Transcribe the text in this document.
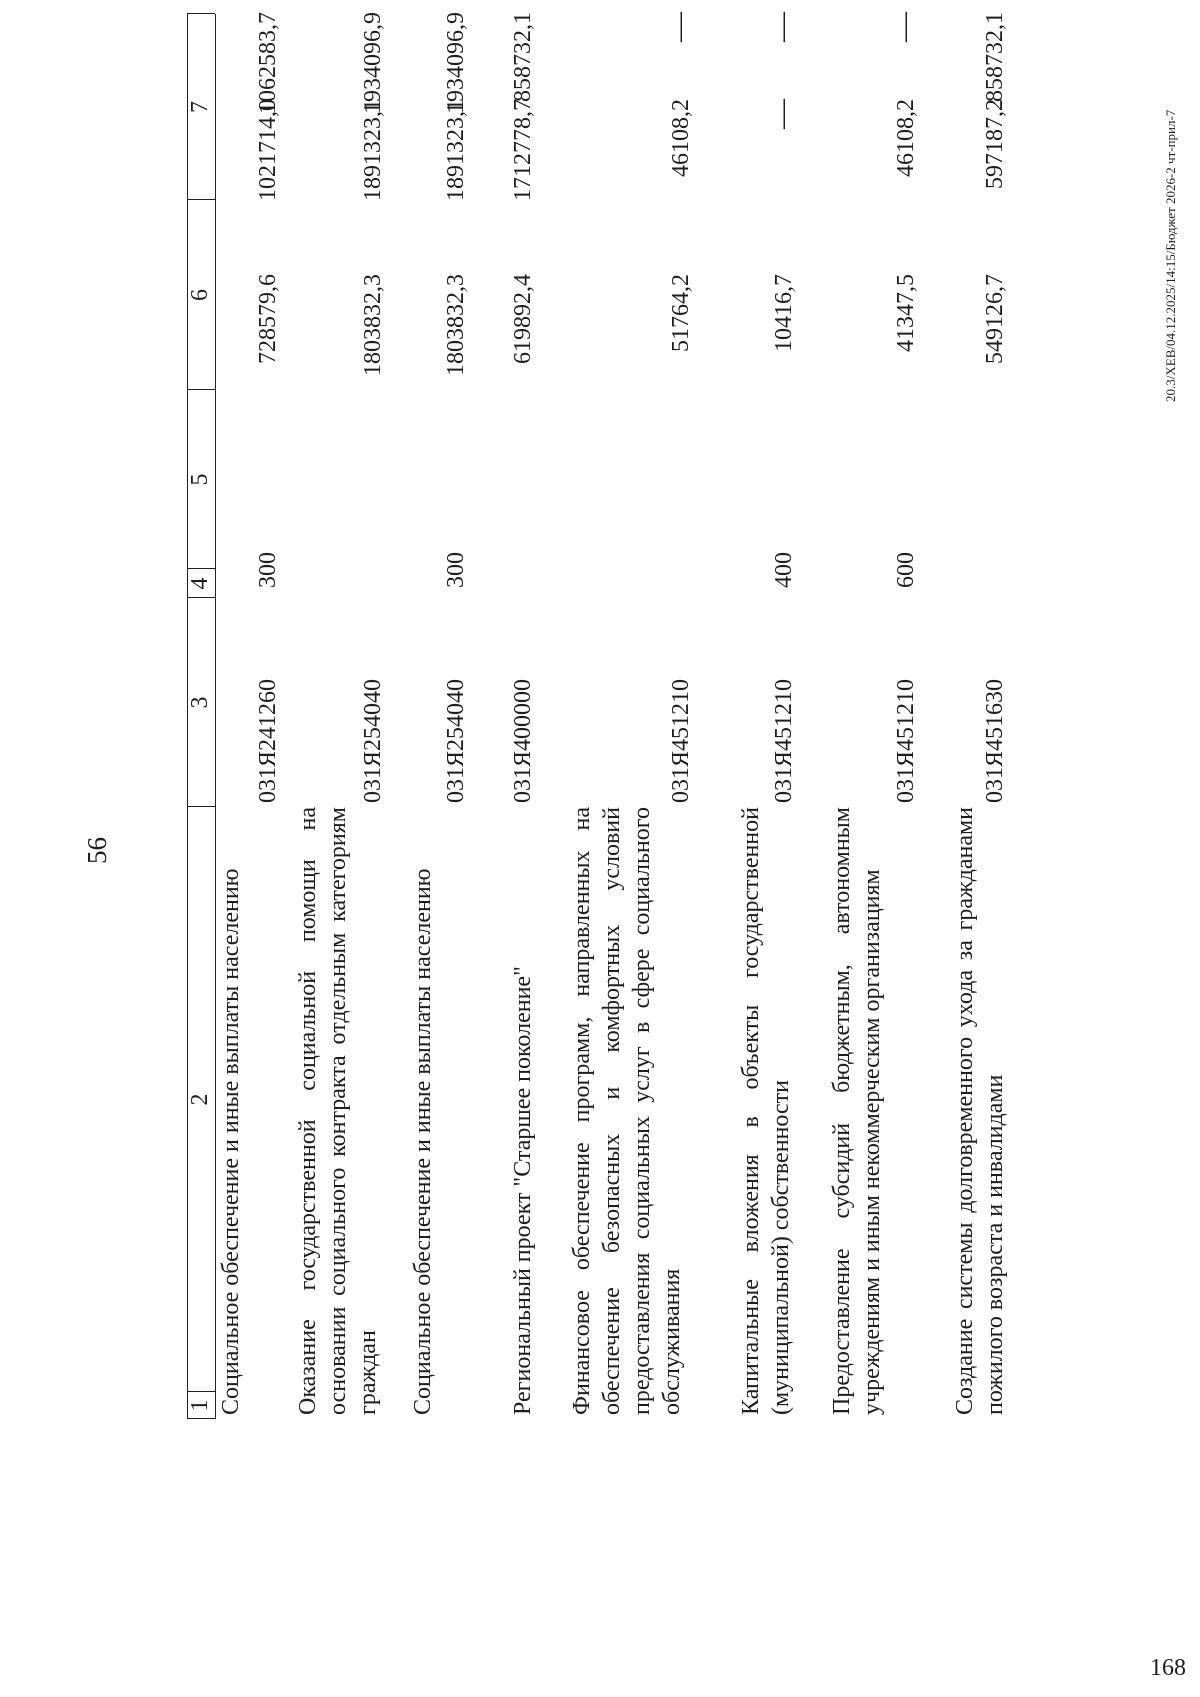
56
1
2
3
4
5
6
7
Социальное обеспечение и иные выплаты населению
031Я241260
300
728579,6
1021714,0
1062583,7
Оказание государственной социальной помощи на основании социального контракта отдельным категориям граждан
031Я254040
1803832,3
1891323,1
1934096,9
Социальное обеспечение и иные выплаты населению
031Я254040
300
1803832,3
1891323,1
1934096,9
Региональный проект "Старшее поколение"
031Я400000
619892,4
1712778,7
858732,1
Финансовое обеспечение программ, направленных на обеспечение безопасных и комфортных условий предоставления социальных услуг в сфере социального обслуживания
031Я451210
51764,2
46108,2
—
Капитальные вложения в объекты государственной (муниципальной) собственности
031Я451210
400
10416,7
—
—
Предоставление субсидий бюджетным, автономным учреждениям и иным некоммерческим организациям
031Я451210
600
41347,5
46108,2
—
Создание системы долговременного ухода за гражданами пожилого возраста и инвалидами
031Я451630
549126,7
597187,2
858732,1
20.3/ХЕВ/04.12.2025/14:15/Бюджет 2026-2 чт-прил-7
168
